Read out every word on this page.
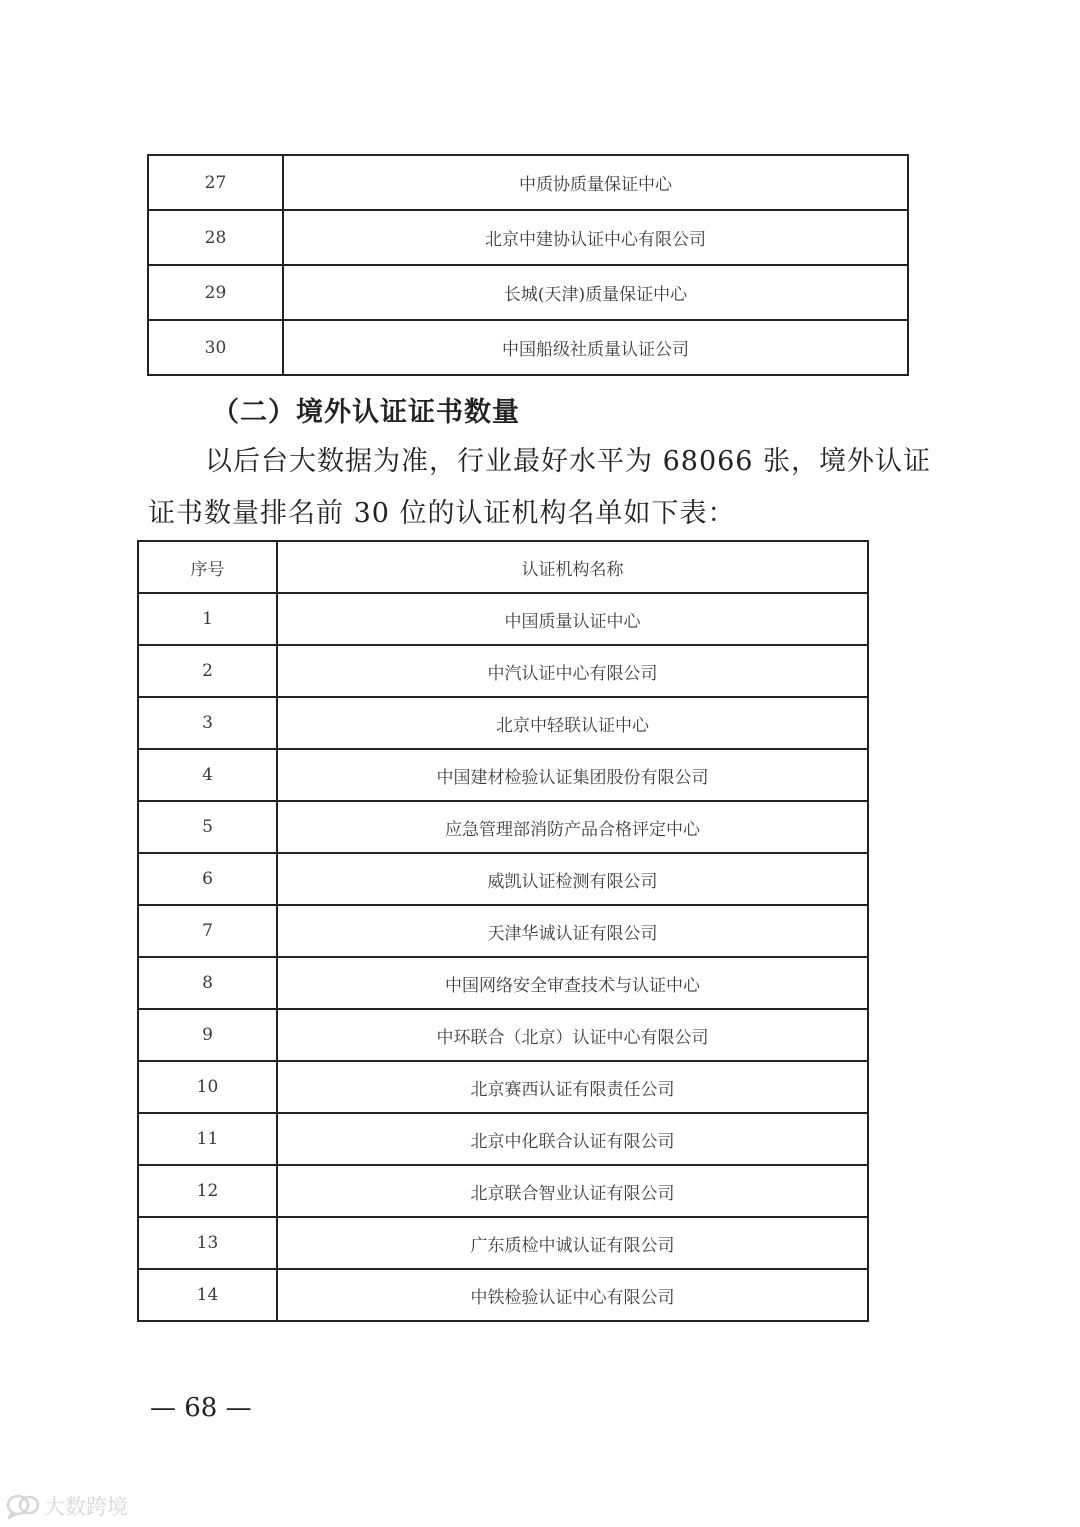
27	中质协质量保证中心
28	北京中建协认证中心有限公司
29	长城(天津)质量保证中心
30	中国船级社质量认证公司
（二）境外认证证书数量

以后台大数据为准，行业最好水平为 68066 张，境外认证证书数量排名前 30 位的认证机构名单如下表：

序号	认证机构名称
1	中国质量认证中心
2	中汽认证中心有限公司
3	北京中轻联认证中心
4	中国建材检验认证集团股份有限公司
5	应急管理部消防产品合格评定中心
6	威凯认证检测有限公司
7	天津华诚认证有限公司
8	中国网络安全审查技术与认证中心
9	中环联合（北京）认证中心有限公司
10	北京赛西认证有限责任公司
11	北京中化联合认证有限公司
12	北京联合智业认证有限公司
13	广东质检中诚认证有限公司
14	中铁检验认证中心有限公司
— 68 —
大数跨境
